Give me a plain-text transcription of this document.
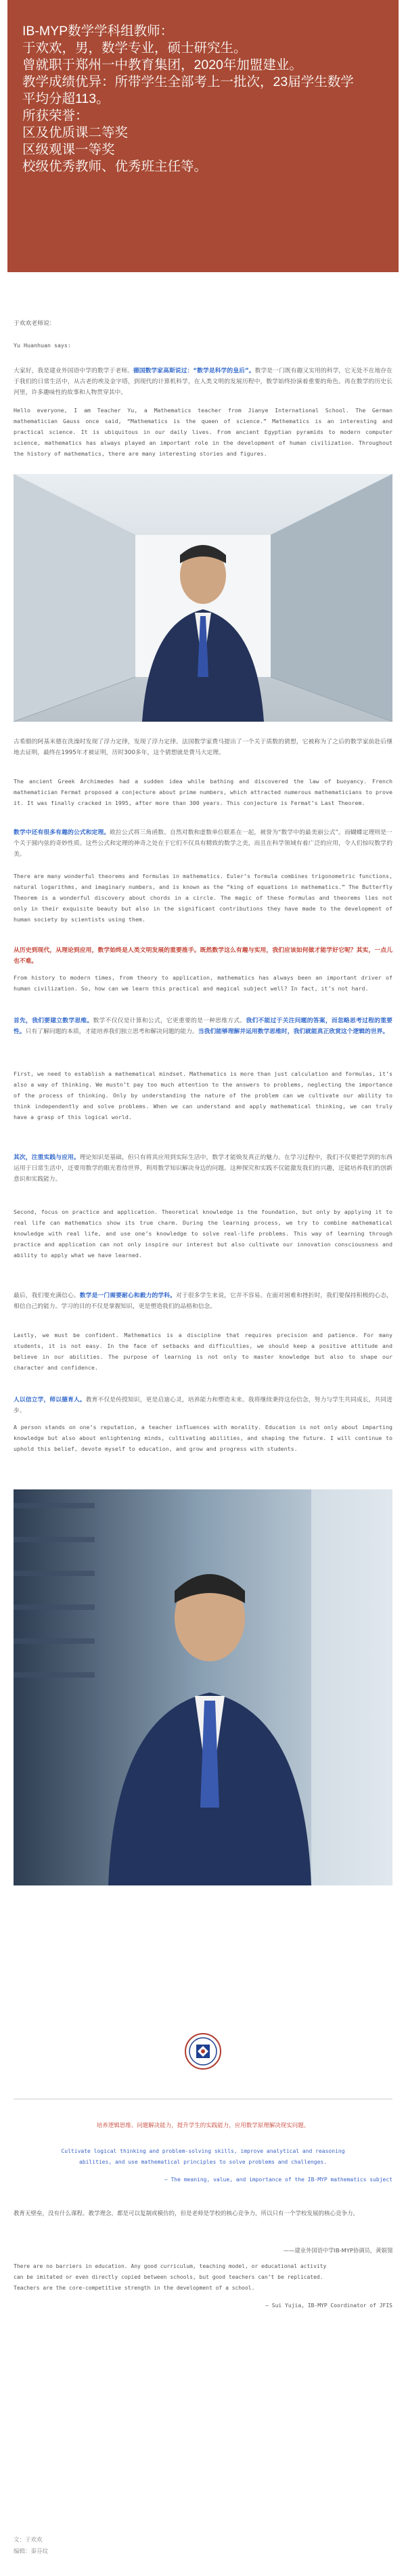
IB-MYP数学学科组教师：
于欢欢，男，数学专业，硕士研究生。
曾就职于郑州一中教育集团，2020年加盟建业。
教学成绩优异：所带学生全部考上一批次，23届学生数学
平均分超113。
所获荣誉：
区及优质课二等奖
区级观课一等奖
校级优秀教师、优秀班主任等。
于欢欢老师说：
Yu Huanhuan says:
大家好，我是建业外国语中学的数学于老师。德国数学家高斯说过：“数学是科学的皇后”。数学是一门既有趣又实用的科学，它无处不在地存在于我们的日常生活中，从古老的埃及金字塔，到现代的计算机科学，在人类文明的发展历程中，数学始终扮演着重要的角色。再在数学的历史长河里，许多趣味性的故事和人物贯穿其中。
Hello everyone, I am Teacher Yu, a Mathematics teacher from Jianye International School. The German mathematician Gauss once said, “Mathematics is the queen of science.” Mathematics is an interesting and practical science. It is ubiquitous in our daily lives. From ancient Egyptian pyramids to modern computer science, mathematics has always played an important role in the development of human civilization. Throughout the history of mathematics, there are many interesting stories and figures.
古希腊的阿基米德在洗澡时发现了浮力定律，发现了浮力定律。法国数学家费马提出了一个关于质数的猜想，它被称为了之后的数学家前赴后继地去证明，最终在1995年才被证明，历时300多年，这个猜想就是费马大定理。
The ancient Greek Archimedes had a sudden idea while bathing and discovered the law of buoyancy. French mathematician Fermat proposed a conjecture about prime numbers, which attracted numerous mathematicians to prove it. It was finally cracked in 1995, after more than 300 years. This conjecture is Fermat’s Last Theorem.
数学中还有很多有趣的公式和定理。欧拉公式将三角函数、自然对数和虚数单位联系在一起，被誉为“数学中的最美丽公式”。而蝴蝶定理则是一个关于圆内弦的奇妙性质。这些公式和定理的神奇之处在于它们不仅具有精致的数学之美，而且在科学领域有着广泛的应用，令人们惊叹数学的美。
There are many wonderful theorems and formulas in mathematics. Euler’s formula combines trigonometric functions, natural logarithms, and imaginary numbers, and is known as the “king of equations in mathematics.” The Butterfly Theorem is a wonderful discovery about chords in a circle. The magic of these formulas and theorems lies not only in their exquisite beauty but also in the significant contributions they have made to the development of human society by scientists using them.
从历史到现代，从理论到应用，数学始终是人类文明发展的重要推手。既然数学这么有趣与实用，我们应该如何做才能学好它呢？其实，一点儿也不难。
From history to modern times, from theory to application, mathematics has always been an important driver of human civilization. So, how can we learn this practical and magical subject well? In fact, it’s not hard.
首先，我们要建立数学思维。数学不仅仅是计算和公式，它更重要的是一种思维方式。我们不能过于关注问题的答案，而忽略思考过程的重要性。只有了解问题的本质，才能培养我们独立思考和解决问题的能力。当我们能够理解并运用数学思维时，我们就能真正欣赏这个逻辑的世界。
First, we need to establish a mathematical mindset. Mathematics is more than just calculation and formulas, it’s also a way of thinking. We mustn’t pay too much attention to the answers to problems, neglecting the importance of the process of thinking. Only by understanding the nature of the problem can we cultivate our ability to think independently and solve problems. When we can understand and apply mathematical thinking, we can truly have a grasp of this logical world.
其次，注重实践与应用。理论知识是基础，但只有将其应用到实际生活中，数学才能焕发真正的魅力。在学习过程中，我们不仅要把学到的东西运用于日常生活中，还要用数学的眼光看待世界，利用数学知识解决身边的问题。这种探究和实践不仅能激发我们的兴趣，还能培养我们的创新意识和实践能力。
Second, focus on practice and application. Theoretical knowledge is the foundation, but only by applying it to real life can mathematics show its true charm. During the learning process, we try to combine mathematical knowledge with real life, and use one’s knowledge to solve real-life problems. This way of learning through practice and application can not only inspire our interest but also cultivate our innovation consciousness and ability to apply what we have learned.
最后，我们要充满信心。数学是一门需要耐心和毅力的学科。对于很多学生来说，它并不容易。在面对困难和挫折时，我们要保持积极的心态，相信自己的能力。学习的目的不仅是掌握知识，更是塑造我们的品格和信念。
Lastly, we must be confident. Mathematics is a discipline that requires precision and patience. For many students, it is not easy. In the face of setbacks and difficulties, we should keep a positive attitude and believe in our abilities. The purpose of learning is not only to master knowledge but also to shape our character and confidence.
人以信立学，师以德育人。教育不仅是传授知识，更是启迪心灵，培养能力和塑造未来。我将继续秉持这份信念，努力与学生共同成长，共同进步。
A person stands on one’s reputation, a teacher influences with morality. Education is not only about imparting knowledge but also about enlightening minds, cultivating abilities, and shaping the future. I will continue to uphold this belief, devote myself to education, and grow and progress with students.
培养逻辑思维、问题解决能力，提升学生的实践能力，应用数学原理解决现实问题。
Cultivate logical thinking and problem-solving skills, improve analytical and reasoning
abilities, and use mathematical principles to solve problems and challenges.
— The meaning, value, and importance of the IB-MYP mathematics subject
教育无壁垒，没有什么课程、教学理念，都是可以复制或模仿的，但是老师是学校的核心竞争力，所以只有一个学校发展的核心竞争力。
——建业外国语中学IB-MYP协调员，黄娟翎
There are no barriers in education. Any good curriculum, teaching model, or educational activity
can be imitated or even directly copied between schools, but good teachers can’t be replicated.
Teachers are the core-competitive strength in the development of a school.
— Sui Yujia, IB-MYP Coordinator of JFIS
文：于欢欢
编辑：秦芬纹
